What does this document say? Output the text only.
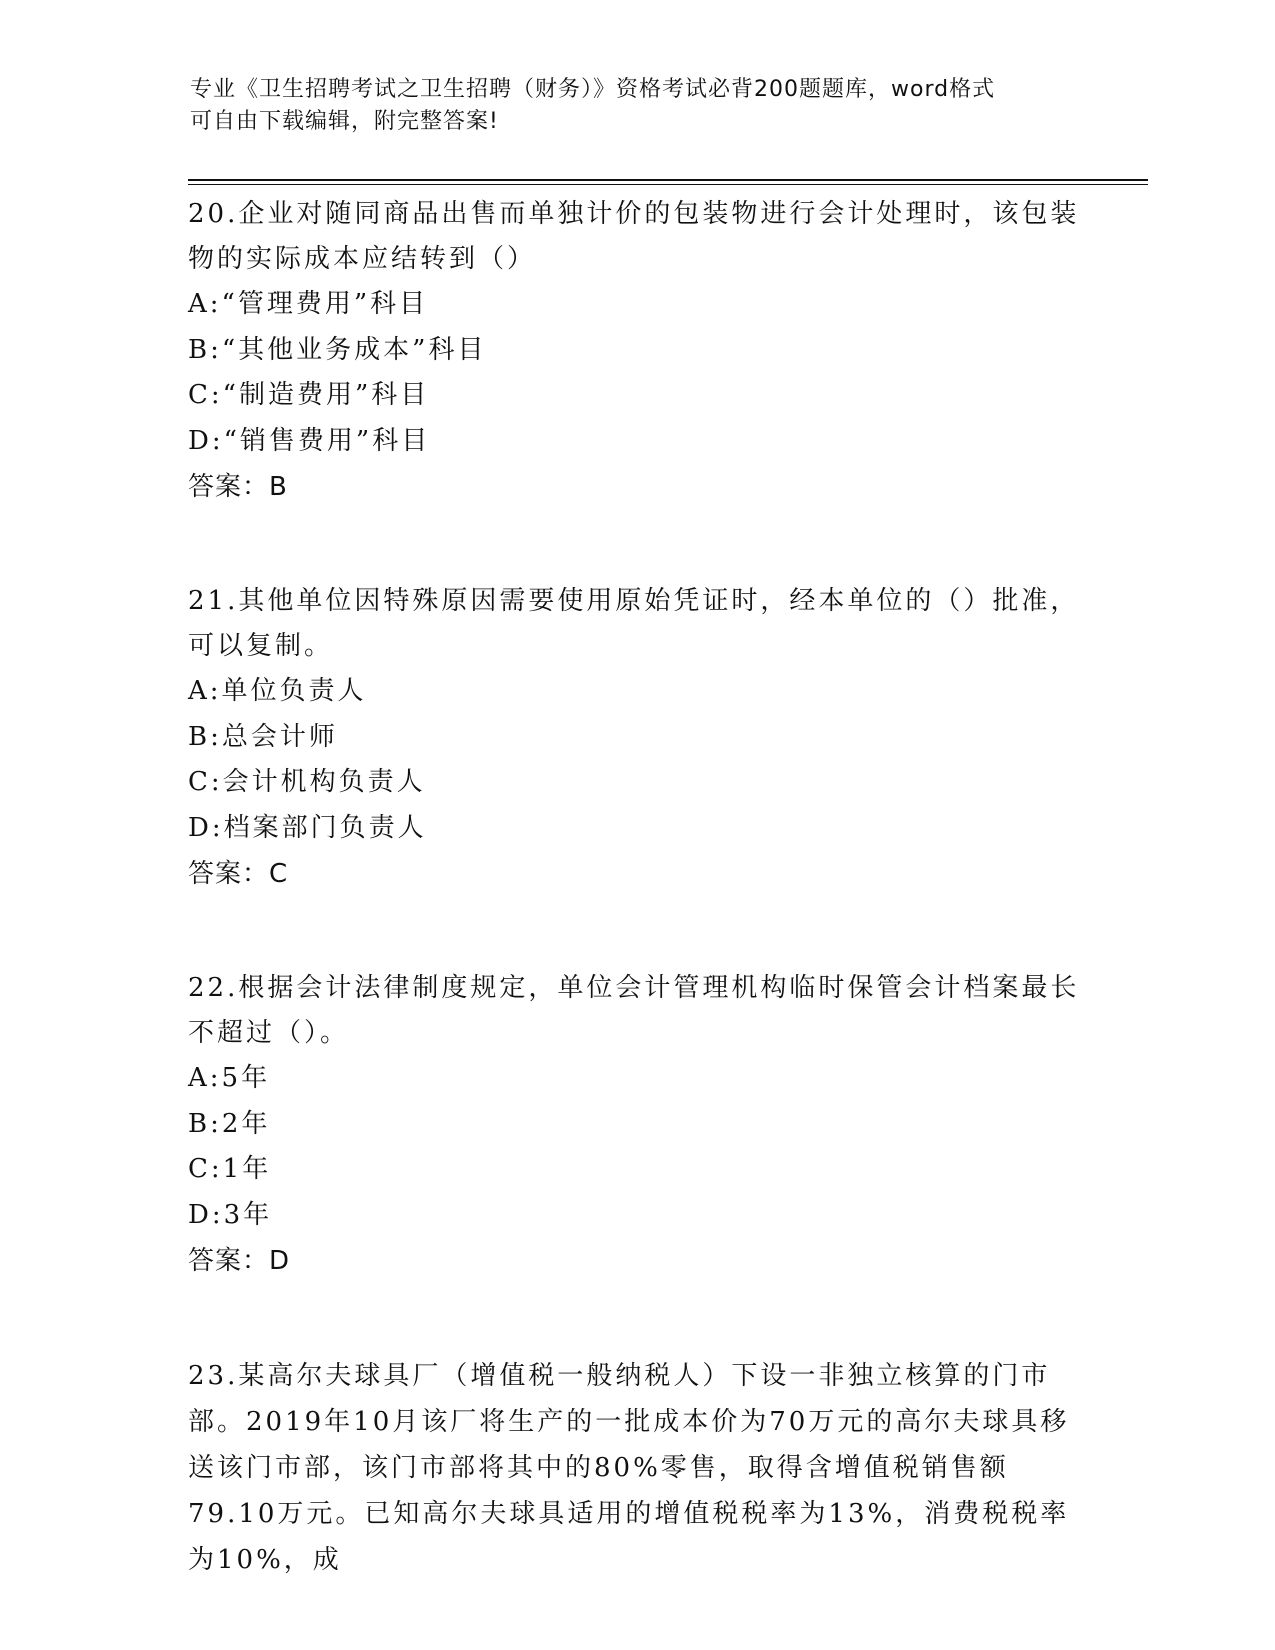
专业《卫生招聘考试之卫生招聘（财务）》资格考试必背200题题库，word格式
可自由下载编辑，附完整答案!
20.企业对随同商品出售而单独计价的包装物进行会计处理时，该包装物的实际成本应结转到（）
A:“管理费用”科目
B:“其他业务成本”科目
C:“制造费用”科目
D:“销售费用”科目
答案：B
21.其他单位因特殊原因需要使用原始凭证时，经本单位的（）批准，可以复制。
A:单位负责人
B:总会计师
C:会计机构负责人
D:档案部门负责人
答案：C
22.根据会计法律制度规定，单位会计管理机构临时保管会计档案最长不超过（）。
A:5年
B:2年
C:1年
D:3年
答案：D
23.某高尔夫球具厂（增值税一般纳税人）下设一非独立核算的门市部。2019年10月该厂将生产的一批成本价为70万元的高尔夫球具移送该门市部，该门市部将其中的80%零售，取得含增值税销售额79.10万元。已知高尔夫球具适用的增值税税率为13%，消费税税率为10%，成
